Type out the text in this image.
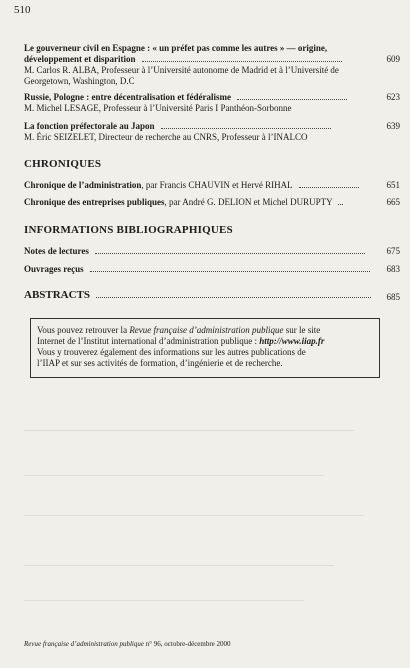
510
Le gouverneur civil en Espagne : « un préfet pas comme les autres » — origine,
développement et disparition	609
M. Carlos R. ALBA, Professeur à l’Université autonome de Madrid et à l’Université de
Georgetown, Washington, D.C
Russie, Pologne : entre décentralisation et fédéralisme	623
M. Michel LESAGE, Professeur à l’Université Paris I Panthéon-Sorbonne
La fonction préfectorale au Japon	639
M. Éric SEIZELET, Directeur de recherche au CNRS, Professeur à l’INALCO
CHRONIQUES
Chronique de l’administration, par Francis CHAUVIN et Hervé RIHAL	651
Chronique des entreprises publiques, par André G. DELION et Michel DURUPTY	665
INFORMATIONS BIBLIOGRAPHIQUES
Notes de lectures	675
Ouvrages reçus	683
ABSTRACTS	685
Vous pouvez retrouver la Revue française d’administration publique sur le site
Internet de l’Institut international d’administration publique : http://www.iiap.fr
Vous y trouverez également des informations sur les autres publications de
l’IIAP et sur ses activités de formation, d’ingénierie et de recherche.
Revue française d’administration publique n° 96, octobre-décembre 2000
